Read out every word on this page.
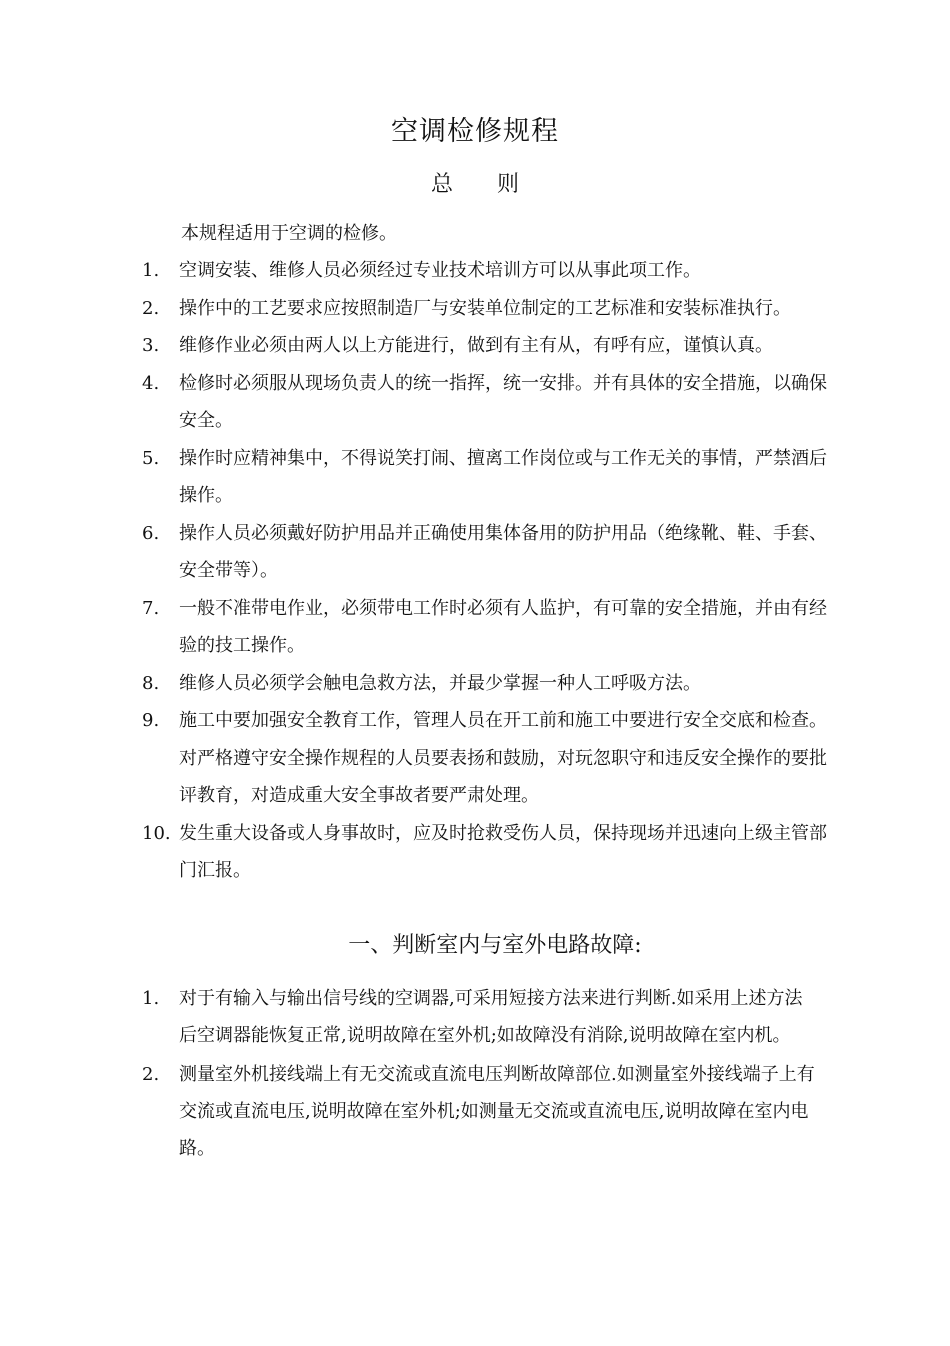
空调检修规程
总 则
本规程适用于空调的检修。
1. 空调安装、维修人员必须经过专业技术培训方可以从事此项工作。
2. 操作中的工艺要求应按照制造厂与安装单位制定的工艺标准和安装标准执行。
3. 维修作业必须由两人以上方能进行，做到有主有从，有呼有应，谨慎认真。
4. 检修时必须服从现场负责人的统一指挥，统一安排。并有具体的安全措施，以确保安全。
5. 操作时应精神集中，不得说笑打闹、擅离工作岗位或与工作无关的事情，严禁酒后操作。
6. 操作人员必须戴好防护用品并正确使用集体备用的防护用品（绝缘靴、鞋、手套、安全带等）。
7. 一般不准带电作业，必须带电工作时必须有人监护，有可靠的安全措施，并由有经验的技工操作。
8. 维修人员必须学会触电急救方法，并最少掌握一种人工呼吸方法。
9. 施工中要加强安全教育工作，管理人员在开工前和施工中要进行安全交底和检查。对严格遵守安全操作规程的人员要表扬和鼓励，对玩忽职守和违反安全操作的要批评教育，对造成重大安全事故者要严肃处理。
10. 发生重大设备或人身事故时，应及时抢救受伤人员，保持现场并迅速向上级主管部门汇报。
一、判断室内与室外电路故障:
1. 对于有输入与输出信号线的空调器,可采用短接方法来进行判断.如采用上述方法后空调器能恢复正常,说明故障在室外机;如故障没有消除,说明故障在室内机。
2. 测量室外机接线端上有无交流或直流电压判断故障部位.如测量室外接线端子上有交流或直流电压,说明故障在室外机;如测量无交流或直流电压,说明故障在室内电路。
